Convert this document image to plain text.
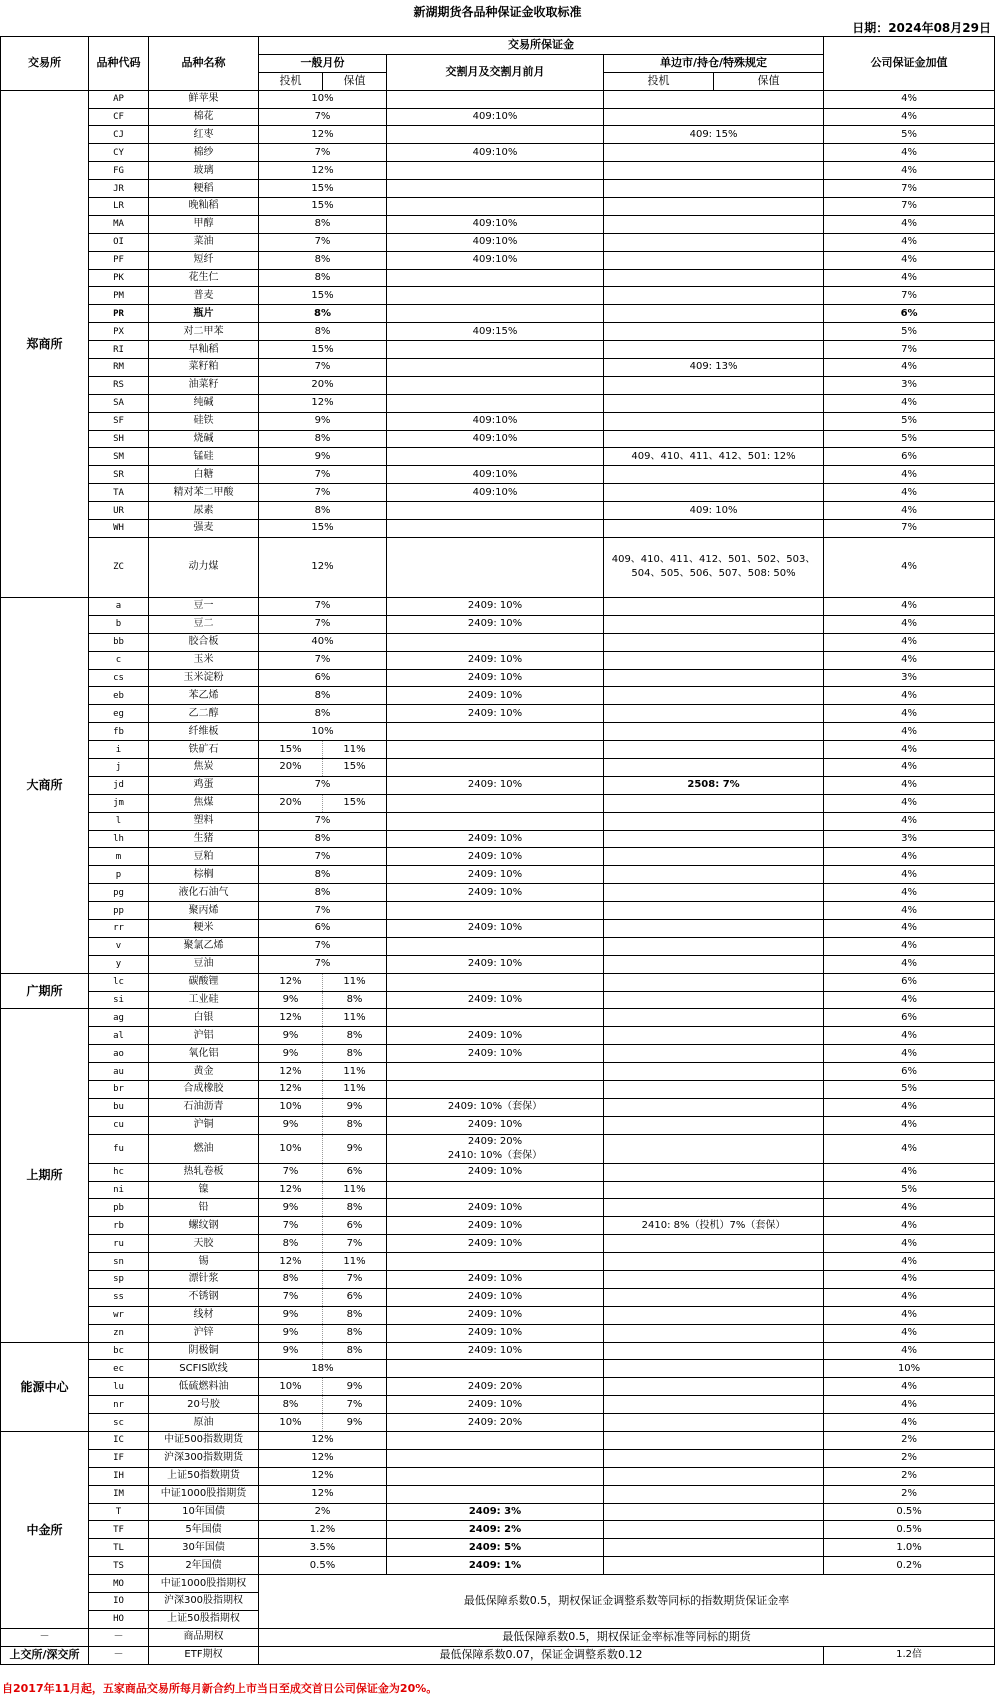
新湖期货各品种保证金收取标准
日期：2024年08月29日
交易所	品种代码	品种名称	交易所保证金					公司保证金加值
			一般月份		交割月及交割月前月	单边市/持仓/特殊规定		
			投机	保值		投机	保值	
郑商所	AP	鲜苹果	10%					4%
	CF	棉花	7%		409:10%			4%
	CJ	红枣	12%			409: 15%		5%
	CY	棉纱	7%		409:10%			4%
	FG	玻璃	12%					4%
	JR	粳稻	15%					7%
	LR	晚籼稻	15%					7%
	MA	甲醇	8%		409:10%			4%
	OI	菜油	7%		409:10%			4%
	PF	短纤	8%		409:10%			4%
	PK	花生仁	8%					4%
	PM	普麦	15%					7%
	PR	瓶片	8%					6%
	PX	对二甲苯	8%		409:15%			5%
	RI	早籼稻	15%					7%
	RM	菜籽粕	7%			409: 13%		4%
	RS	油菜籽	20%					3%
	SA	纯碱	12%					4%
	SF	硅铁	9%		409:10%			5%
	SH	烧碱	8%		409:10%			5%
	SM	锰硅	9%			409、410、411、412、501: 12%		6%
	SR	白糖	7%		409:10%			4%
	TA	精对苯二甲酸	7%		409:10%			4%
	UR	尿素	8%			409: 10%		4%
	WH	强麦	15%					7%
	ZC	动力煤	12%			409、410、411、412、501、502、503、504、505、506、507、508: 50%		4%
大商所	a	豆一	7%		2409: 10%			4%
	b	豆二	7%		2409: 10%			4%
	bb	胶合板	40%					4%
	c	玉米	7%		2409: 10%			4%
	cs	玉米淀粉	6%		2409: 10%			3%
	eb	苯乙烯	8%		2409: 10%			4%
	eg	乙二醇	8%		2409: 10%			4%
	fb	纤维板	10%					4%
	i	铁矿石	15%	11%				4%
	j	焦炭	20%	15%				4%
	jd	鸡蛋	7%		2409: 10%	2508: 7%		4%
	jm	焦煤	20%	15%				4%
	l	塑料	7%					4%
	lh	生猪	8%		2409: 10%			3%
	m	豆粕	7%		2409: 10%			4%
	p	棕榈	8%		2409: 10%			4%
	pg	液化石油气	8%		2409: 10%			4%
	pp	聚丙烯	7%					4%
	rr	粳米	6%		2409: 10%			4%
	v	聚氯乙烯	7%					4%
	y	豆油	7%		2409: 10%			4%
广期所	lc	碳酸锂	12%	11%				6%
	si	工业硅	9%	8%	2409: 10%			4%
上期所	ag	白银	12%	11%				6%
	al	沪铝	9%	8%	2409: 10%			4%
	ao	氧化铝	9%	8%	2409: 10%			4%
	au	黄金	12%	11%				6%
	br	合成橡胶	12%	11%				5%
	bu	石油沥青	10%	9%	2409: 10%（套保）			4%
	cu	沪铜	9%	8%	2409: 10%			4%
	fu	燃油	10%	9%	2409: 20%
2410: 10%（套保）			4%
	hc	热轧卷板	7%	6%	2409: 10%			4%
	ni	镍	12%	11%				5%
	pb	铅	9%	8%	2409: 10%			4%
	rb	螺纹钢	7%	6%	2409: 10%	2410: 8%（投机）7%（套保）		4%
	ru	天胶	8%	7%	2409: 10%			4%
	sn	锡	12%	11%				4%
	sp	漂针浆	8%	7%	2409: 10%			4%
	ss	不锈钢	7%	6%	2409: 10%			4%
	wr	线材	9%	8%	2409: 10%			4%
	zn	沪锌	9%	8%	2409: 10%			4%
能源中心	bc	阴极铜	9%	8%	2409: 10%			4%
	ec	SCFIS欧线	18%					10%
	lu	低硫燃料油	10%	9%	2409: 20%			4%
	nr	20号胶	8%	7%	2409: 10%			4%
	sc	原油	10%	9%	2409: 20%			4%
中金所	IC	中证500指数期货	12%					2%
	IF	沪深300指数期货	12%					2%
	IH	上证50指数期货	12%					2%
	IM	中证1000股指期货	12%					2%
	T	10年国债	2%		2409: 3%			0.5%
	TF	5年国债	1.2%		2409: 2%			0.5%
	TL	30年国债	3.5%		2409: 5%			1.0%
	TS	2年国债	0.5%		2409: 1%			0.2%
	MO	中证1000股指期权	最低保障系数0.5，期权保证金调整系数等同标的指数期货保证金率					
	IO	沪深300股指期权						
	HO	上证50股指期权						
－	－	商品期权	最低保障系数0.5，期权保证金率标准等同标的期货					
上交所/深交所	－	ETF期权	最低保障系数0.07，保证金调整系数0.12					1.2倍
自2017年11月起，五家商品交易所每月新合约上市当日至成交首日公司保证金为20%。
